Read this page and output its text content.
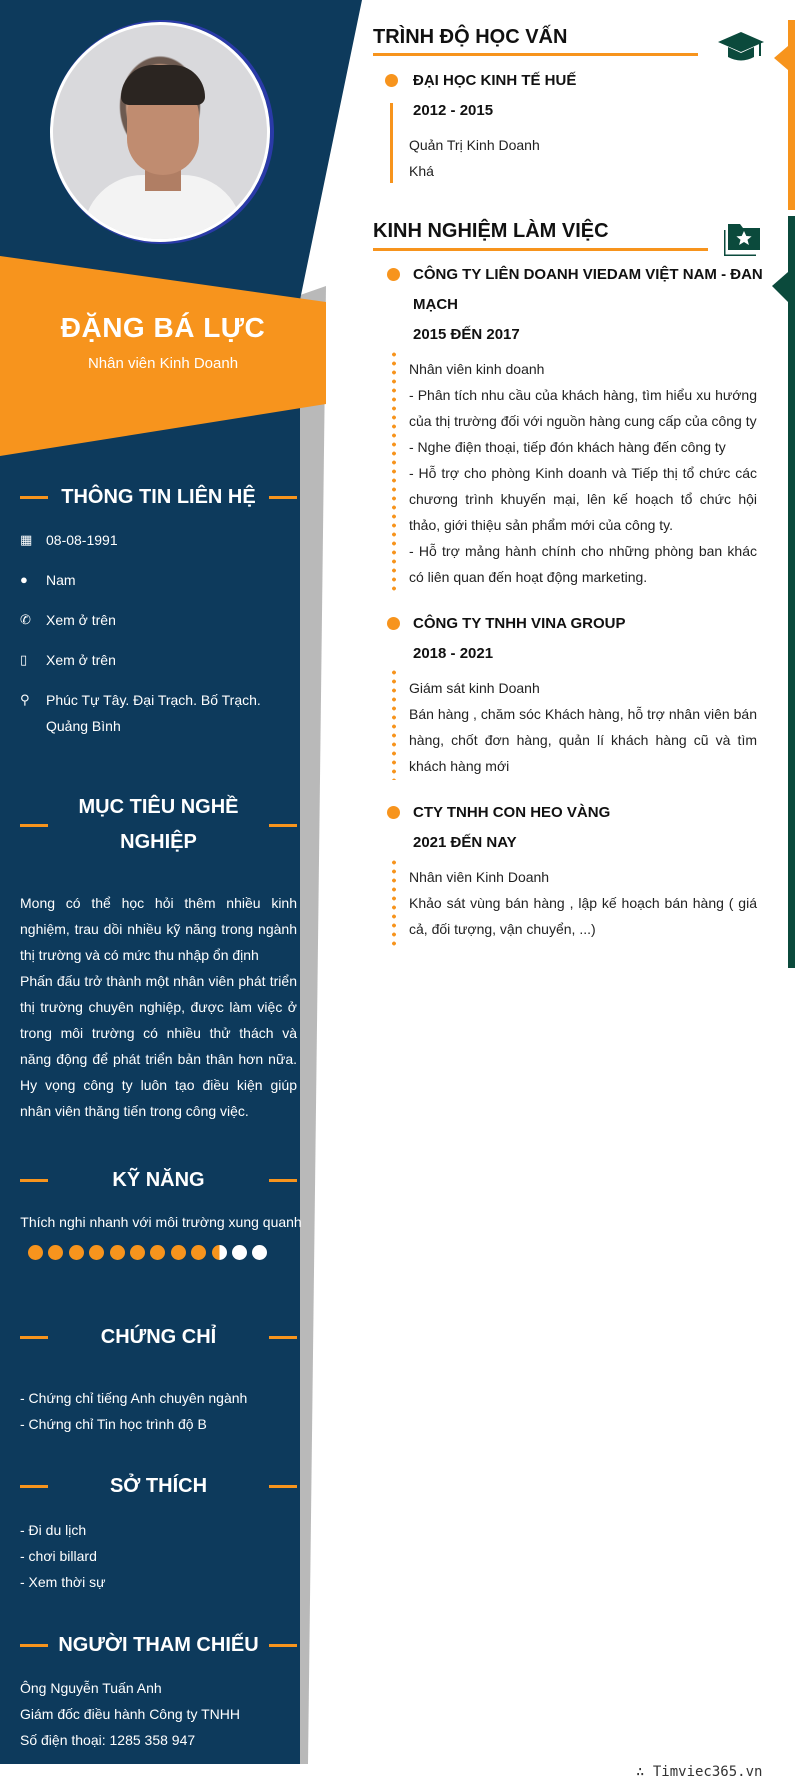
ĐẶNG BÁ LỰC
Nhân viên Kinh Doanh
THÔNG TIN LIÊN HỆ
▦ 08-08-1991
●	Nam
✆	Xem ở trên
▯	Xem ở trên
⚲	Phúc Tự Tây. Đại Trạch. Bố Trạch. Quảng Bình
MỤC TIÊU NGHỀ
NGHIỆP
Mong có thể học hỏi thêm nhiều kinh nghiệm, trau dồi nhiều kỹ năng trong ngành thị trường và có mức thu nhập ổn định
Phấn đấu trở thành một nhân viên phát triển thị trường chuyên nghiệp, được làm việc ở trong môi trường có nhiều thử thách và năng động để phát triển bản thân hơn nữa. Hy vọng công ty luôn tạo điều kiện giúp nhân viên thăng tiến trong công việc.
KỸ NĂNG
Thích nghi nhanh với môi trường xung quanh
CHỨNG CHỈ
- Chứng chỉ tiếng Anh chuyên ngành
- Chứng chỉ Tin học trình độ B
SỞ THÍCH
- Đi du lịch
- chơi billard
- Xem thời sự
NGƯỜI THAM CHIẾU
Ông Nguyễn Tuấn Anh
Giám đốc điều hành Công ty TNHH
Số điện thoại: 1285 358 947
TRÌNH ĐỘ HỌC VẤN
ĐẠI HỌC KINH TẾ HUẾ
2012 - 2015
Quản Trị Kinh Doanh
Khá
KINH NGHIỆM LÀM VIỆC
CÔNG TY LIÊN DOANH VIEDAM VIỆT NAM - ĐAN
MẠCH
2015 ĐẾN 2017
Nhân viên kinh doanh
- Phân tích nhu cầu của khách hàng, tìm hiểu xu hướng của thị trường đối với nguồn hàng cung cấp của công ty
- Nghe điện thoại, tiếp đón khách hàng đến công ty
- Hỗ trợ cho phòng Kinh doanh và Tiếp thị tổ chức các chương trình khuyến mại, lên kế hoạch tổ chức hội thảo, giới thiệu sản phẩm mới của công ty.
- Hỗ trợ mảng hành chính cho những phòng ban khác có liên quan đến hoạt động marketing.
CÔNG TY TNHH VINA GROUP
2018 - 2021
Giám sát kinh Doanh
Bán hàng , chăm sóc Khách hàng, hỗ trợ nhân viên bán hàng, chốt đơn hàng, quản lí khách hàng cũ và tìm khách hàng mới
CTY TNHH CON HEO VÀNG
2021 ĐẾN NAY
Nhân viên Kinh Doanh
Khảo sát vùng bán hàng , lập kế hoạch bán hàng ( giá cả, đối tượng, vận chuyển, ...)
∴ Timviec365.vn
